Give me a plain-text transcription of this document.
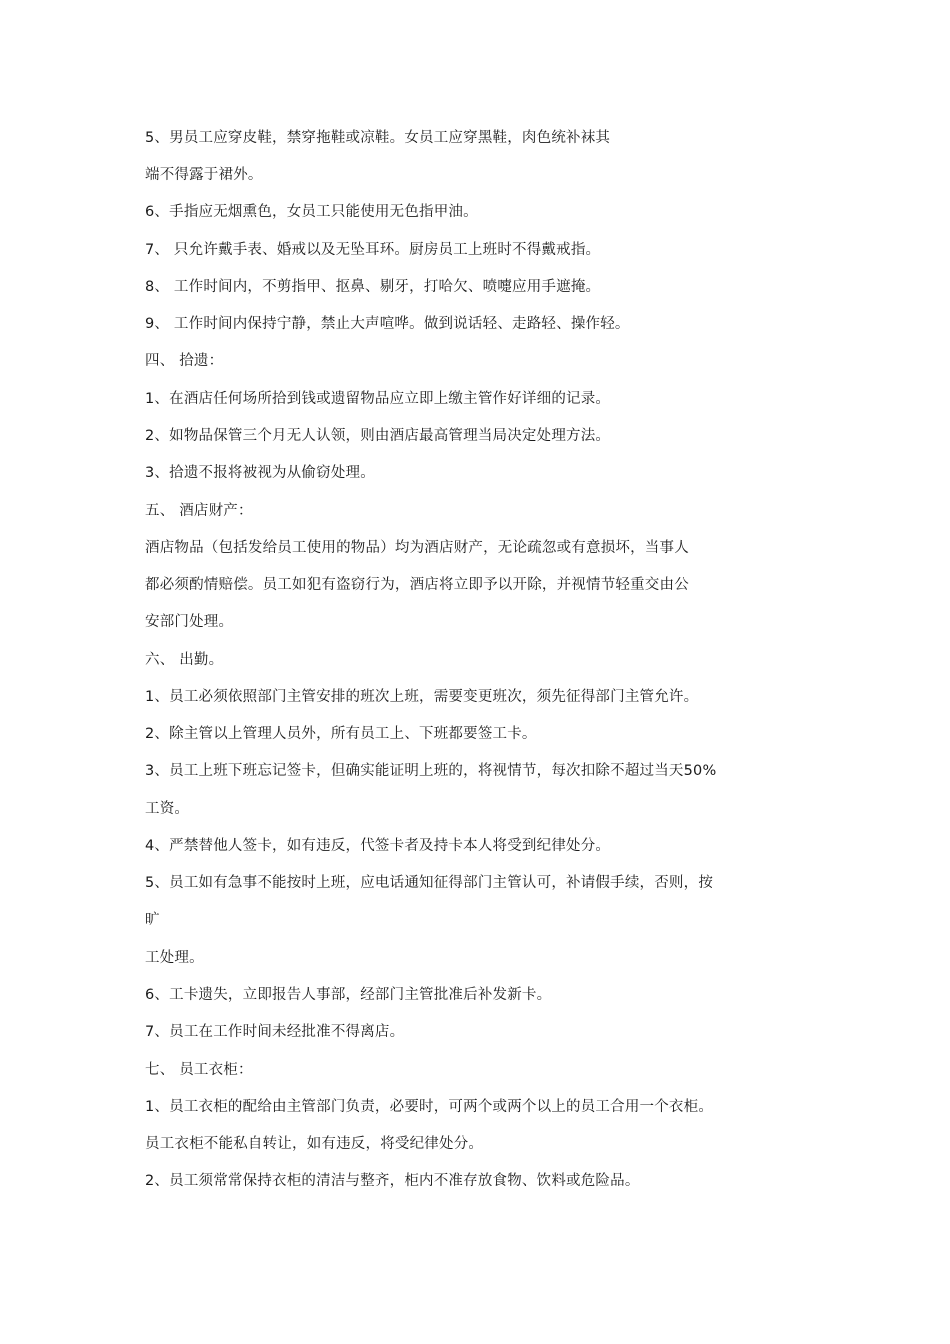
5、男员工应穿皮鞋，禁穿拖鞋或凉鞋。女员工应穿黑鞋，肉色统补袜其
端不得露于裙外。
6、手指应无烟熏色，女员工只能使用无色指甲油。
7、 只允许戴手表、婚戒以及无坠耳环。厨房员工上班时不得戴戒指。
8、 工作时间内，不剪指甲、抠鼻、剔牙，打哈欠、喷嚏应用手遮掩。
9、 工作时间内保持宁静，禁止大声喧哗。做到说话轻、走路轻、操作轻。
四、 拾遗：
1、在酒店任何场所拾到钱或遗留物品应立即上缴主管作好详细的记录。
2、如物品保管三个月无人认领，则由酒店最高管理当局决定处理方法。
3、拾遗不报将被视为从偷窃处理。
五、 酒店财产：
酒店物品（包括发给员工使用的物品）均为酒店财产，无论疏忽或有意损坏，当事人
都必须酌情赔偿。员工如犯有盗窃行为，酒店将立即予以开除，并视情节轻重交由公
安部门处理。
六、 出勤。
1、员工必须依照部门主管安排的班次上班，需要变更班次，须先征得部门主管允许。
2、除主管以上管理人员外，所有员工上、下班都要签工卡。
3、员工上班下班忘记签卡，但确实能证明上班的，将视情节，每次扣除不超过当天50%
工资。
4、严禁替他人签卡，如有违反，代签卡者及持卡本人将受到纪律处分。
5、员工如有急事不能按时上班，应电话通知征得部门主管认可，补请假手续，否则，按
旷
工处理。
6、工卡遗失，立即报告人事部，经部门主管批准后补发新卡。
7、员工在工作时间未经批准不得离店。
七、 员工衣柜：
1、员工衣柜的配给由主管部门负责，必要时，可两个或两个以上的员工合用一个衣柜。
员工衣柜不能私自转让，如有违反，将受纪律处分。
2、员工须常常保持衣柜的清洁与整齐，柜内不准存放食物、饮料或危险品。
